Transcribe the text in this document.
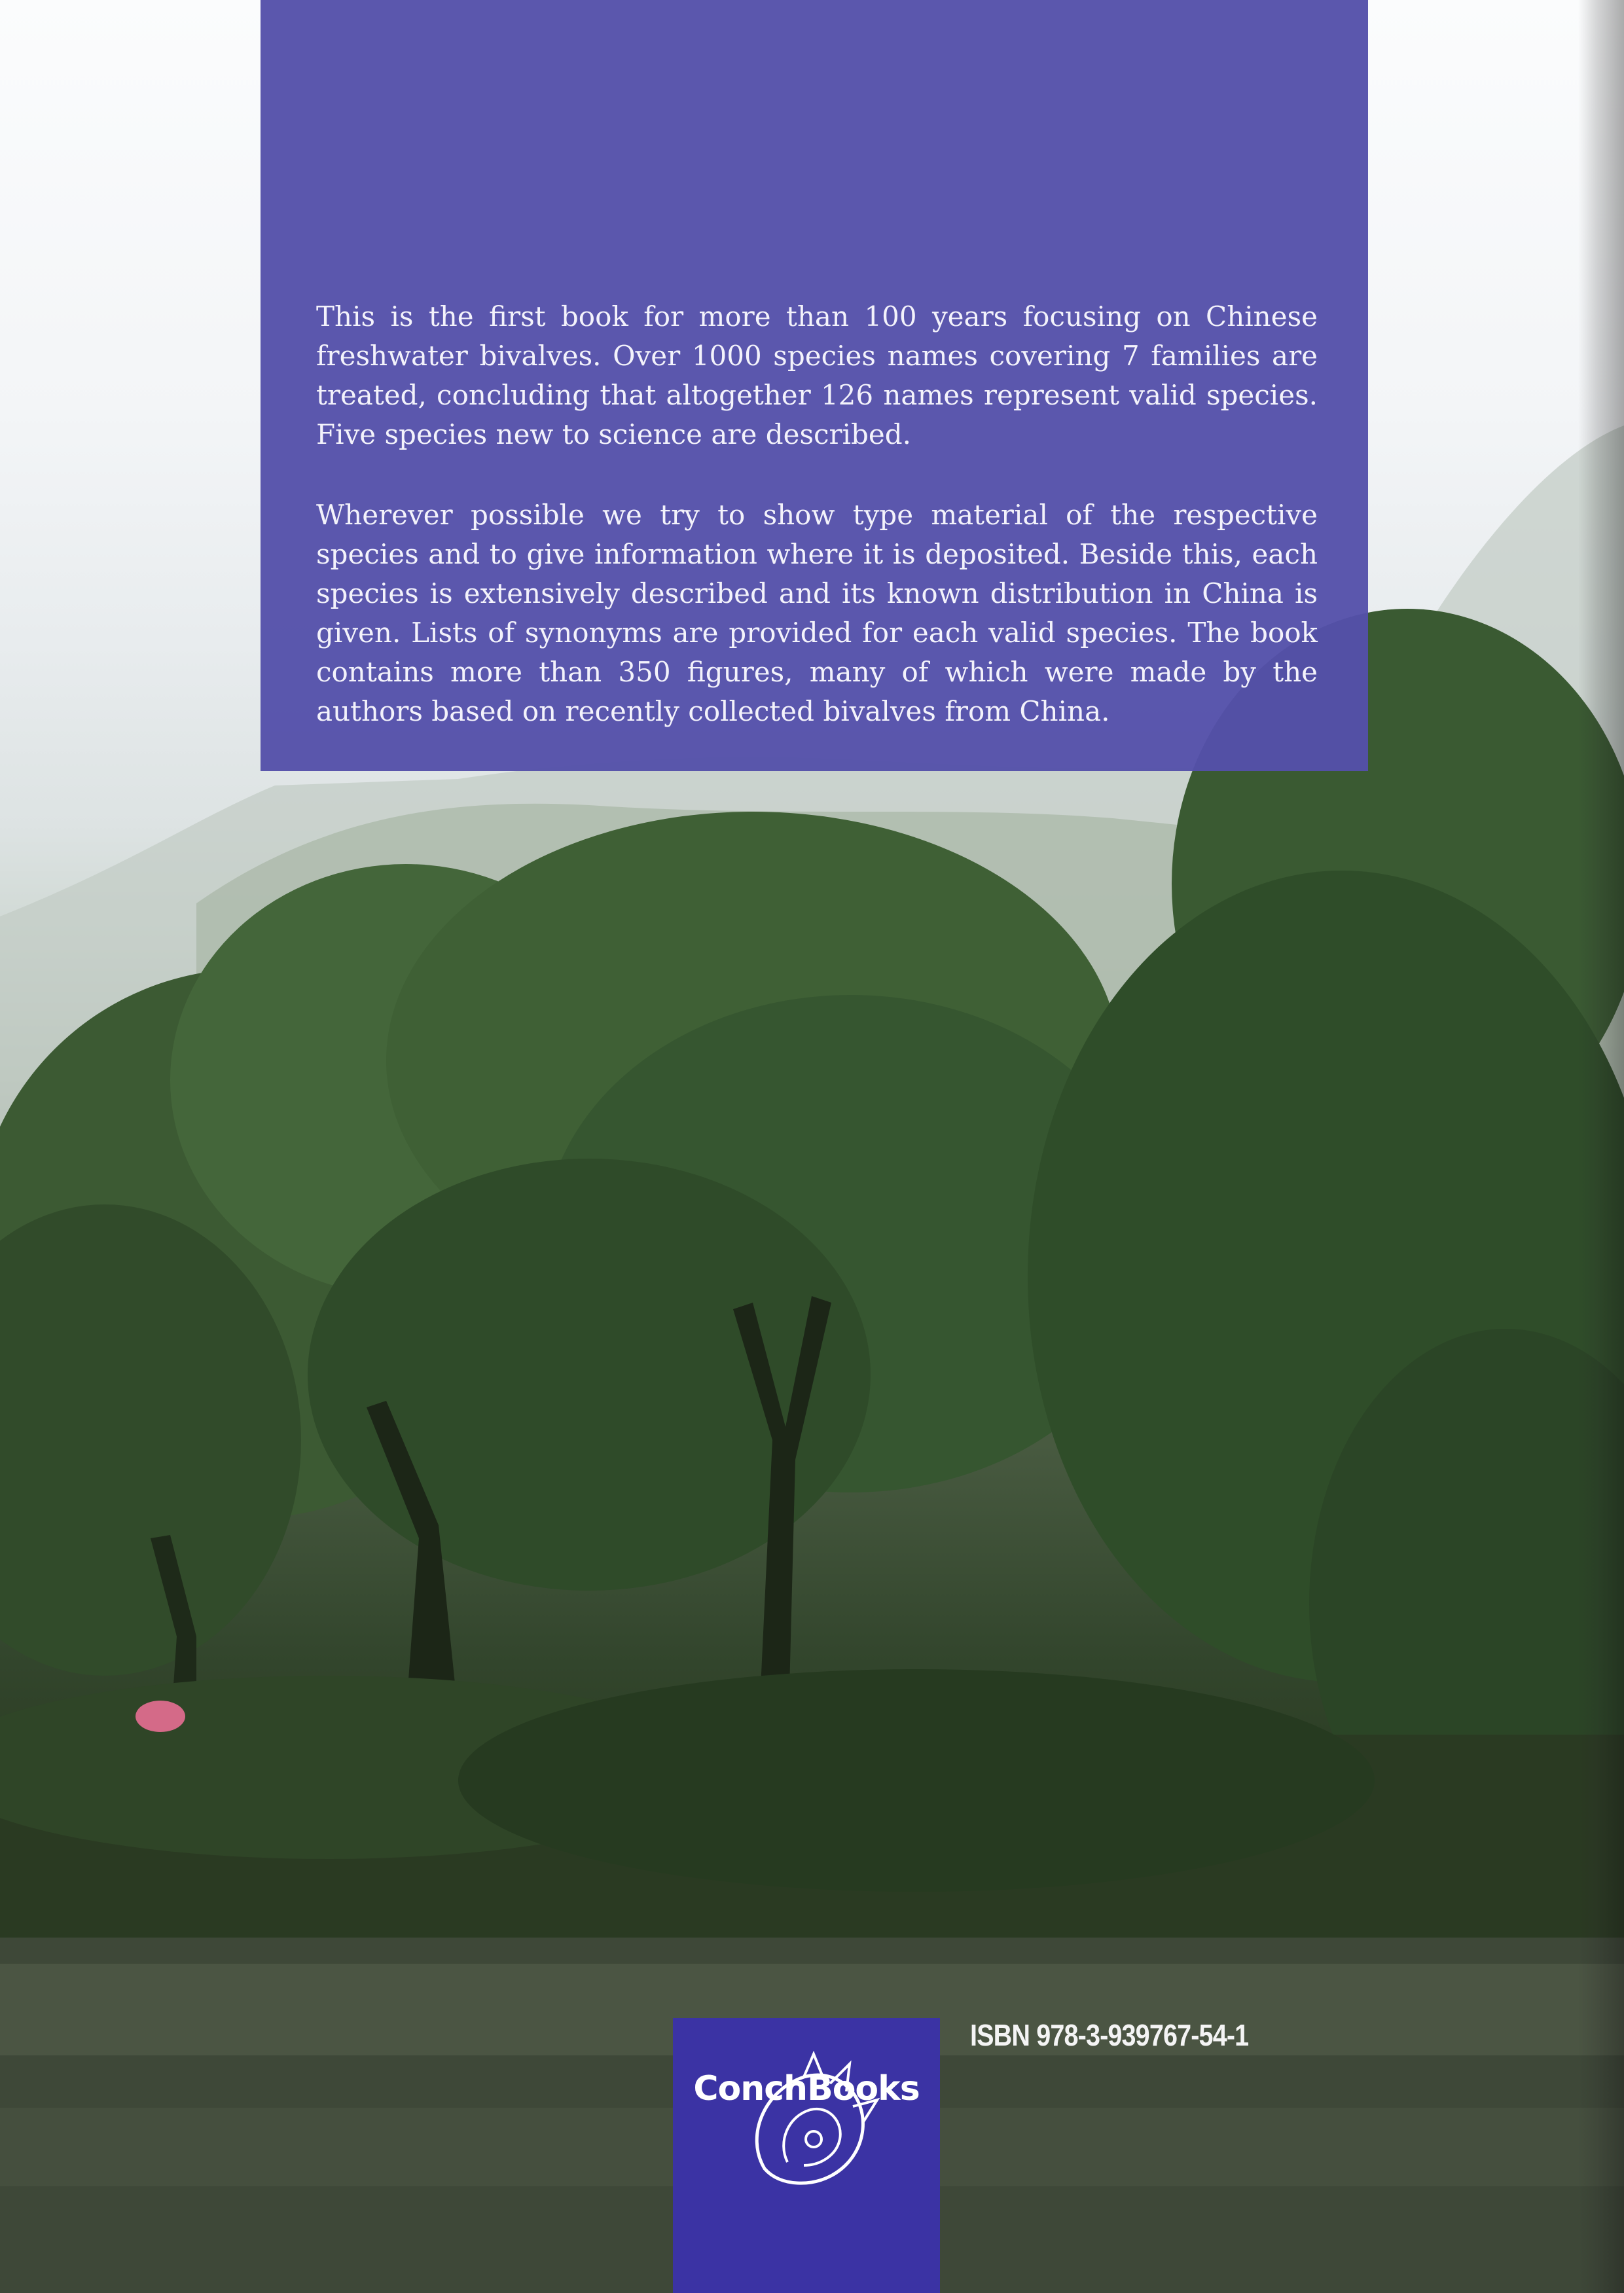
This is the first book for more than 100 years focusing on Chinese freshwater bivalves. Over 1000 species names covering 7 families are treated, concluding that altogether 126 names represent valid species. Five species new to science are described.

Wherever possible we try to show type material of the respective species and to give information where it is deposited. Beside this, each species is extensively described and its known distribution in China is given. Lists of synonyms are provided for each valid species. The book contains more than 350 figures, many of which were made by the authors based on recently collected bivalves from China.

ConchBooks
ISBN 978-3-939767-54-1
